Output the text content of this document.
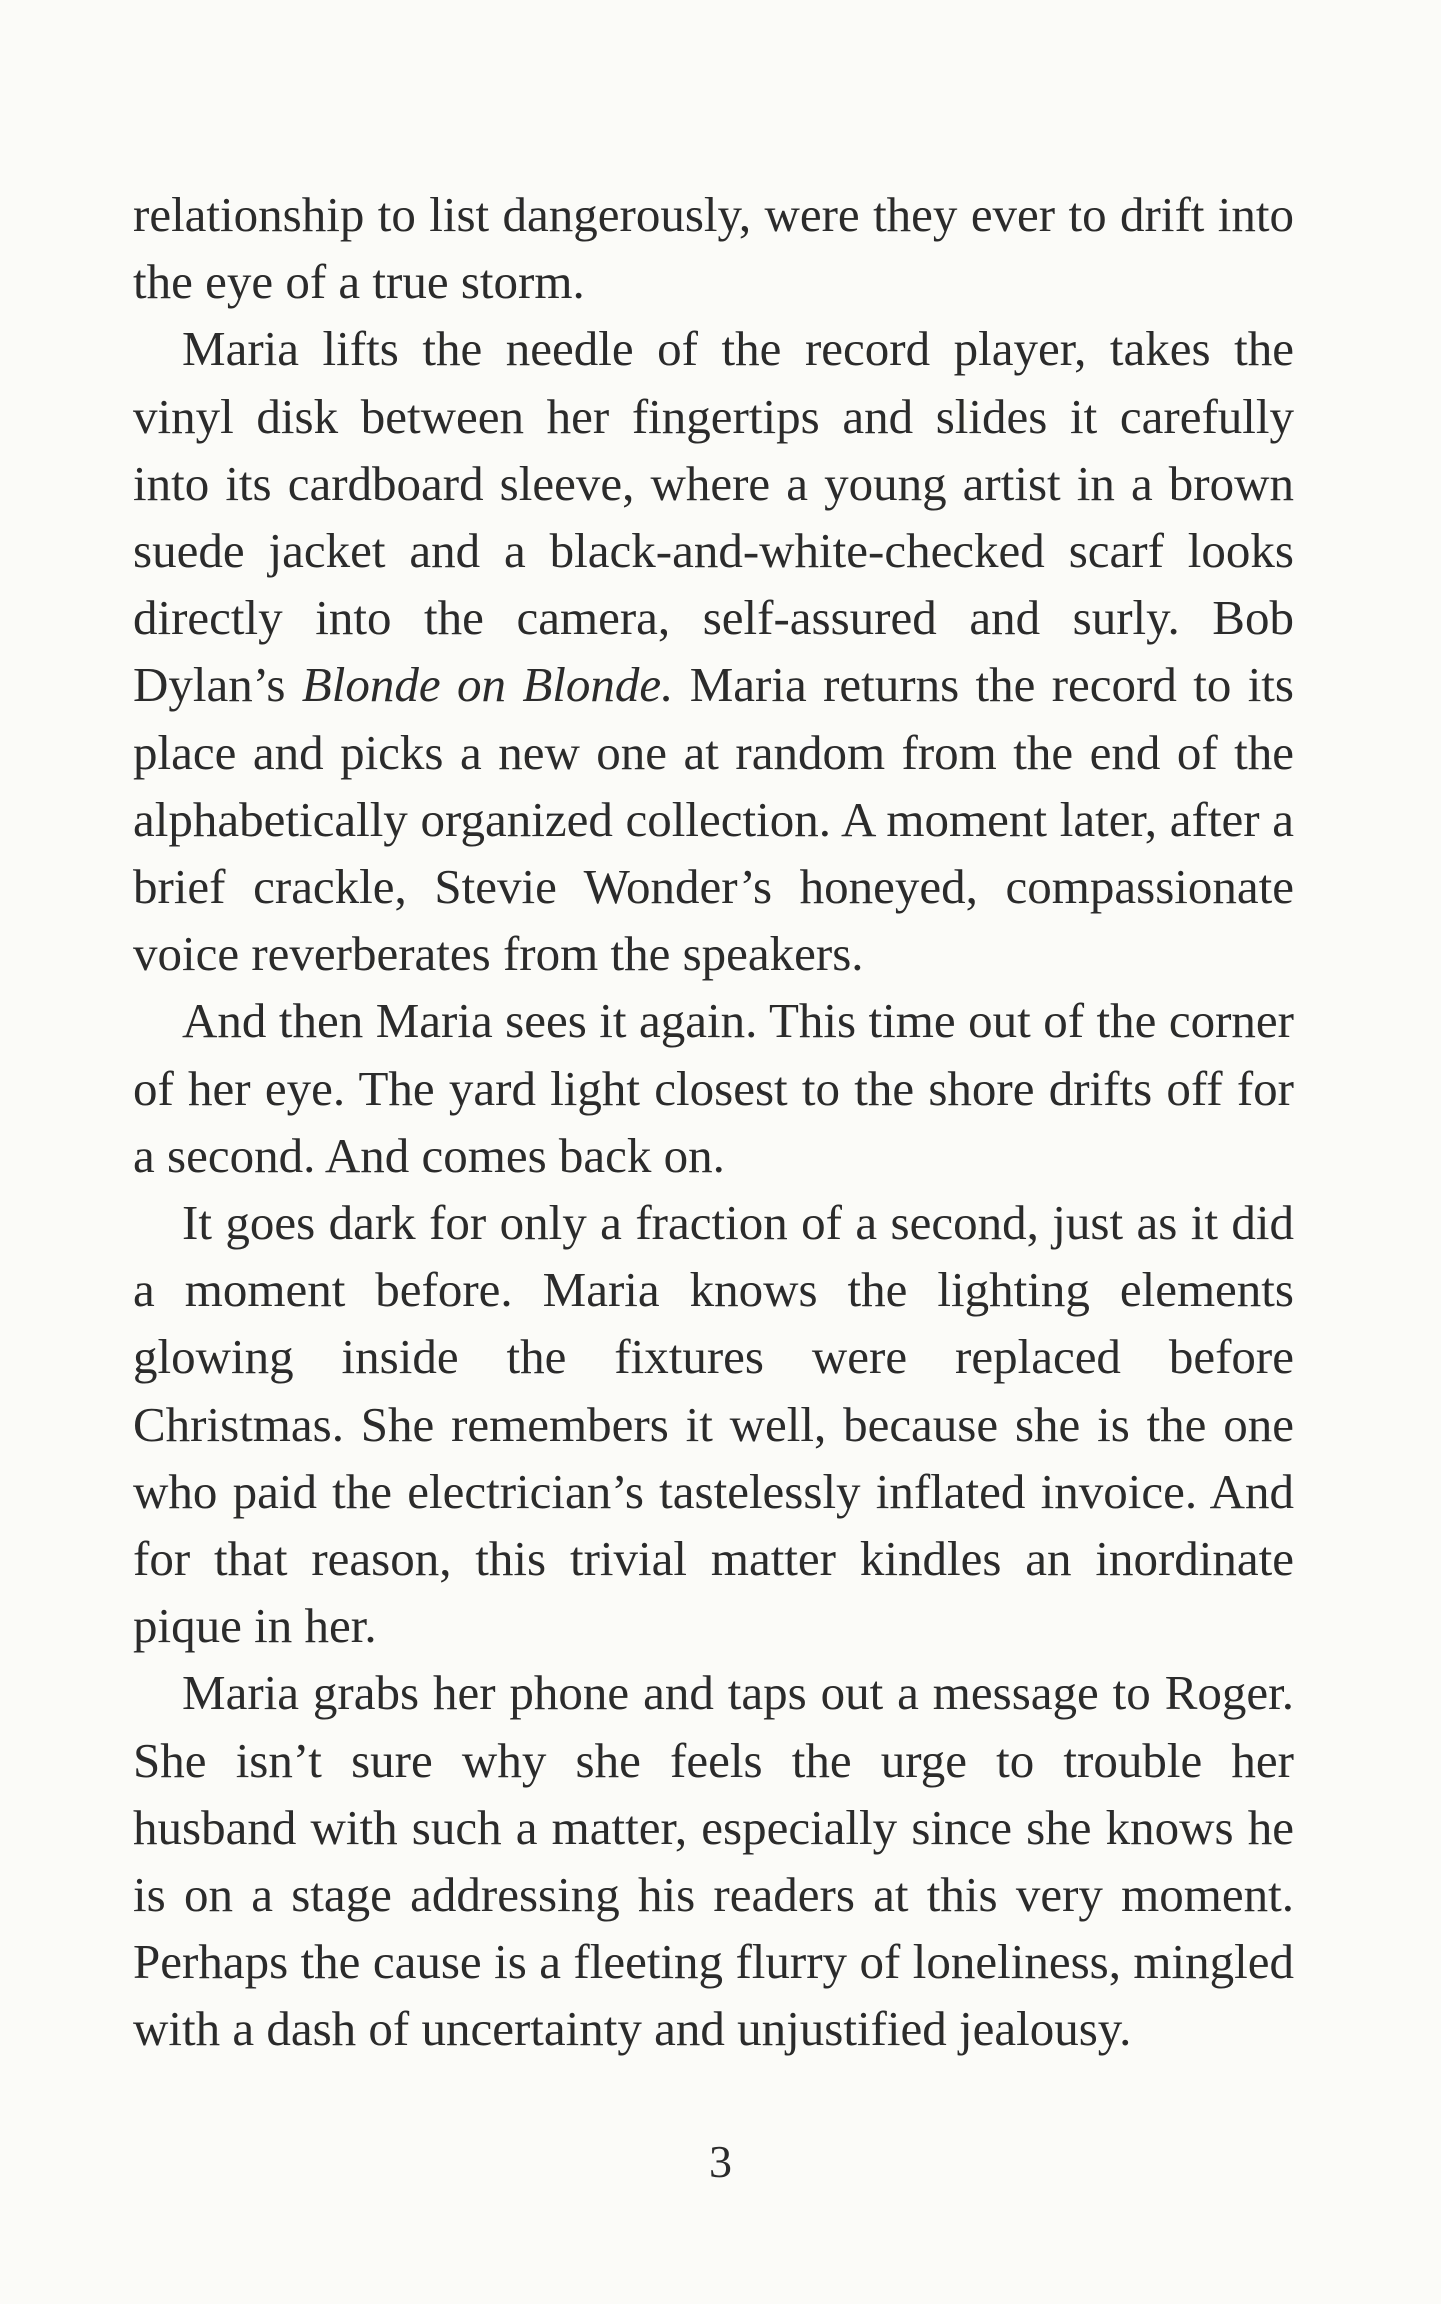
relationship to list dangerously, were they ever to drift into the eye of a true storm.

Maria lifts the needle of the record player, takes the vinyl disk between her fingertips and slides it carefully into its cardboard sleeve, where a young artist in a brown suede jacket and a black-and-white-checked scarf looks directly into the camera, self-assured and surly. Bob Dylan’s Blonde on Blonde. Maria returns the record to its place and picks a new one at random from the end of the alphabetically organized collection. A moment later, after a brief crackle, Stevie Wonder’s honeyed, compassionate voice reverberates from the speakers.

And then Maria sees it again. This time out of the corner of her eye. The yard light closest to the shore drifts off for a second. And comes back on.

It goes dark for only a fraction of a second, just as it did a moment before. Maria knows the lighting elements glowing inside the fixtures were replaced before Christmas. She remembers it well, because she is the one who paid the electrician’s tastelessly inflated invoice. And for that reason, this trivial matter kindles an inordinate pique in her.

Maria grabs her phone and taps out a message to Roger. She isn’t sure why she feels the urge to trouble her husband with such a matter, especially since she knows he is on a stage addressing his readers at this very moment. Perhaps the cause is a fleeting flurry of loneliness, mingled with a dash of uncertainty and unjustified jealousy.

3
